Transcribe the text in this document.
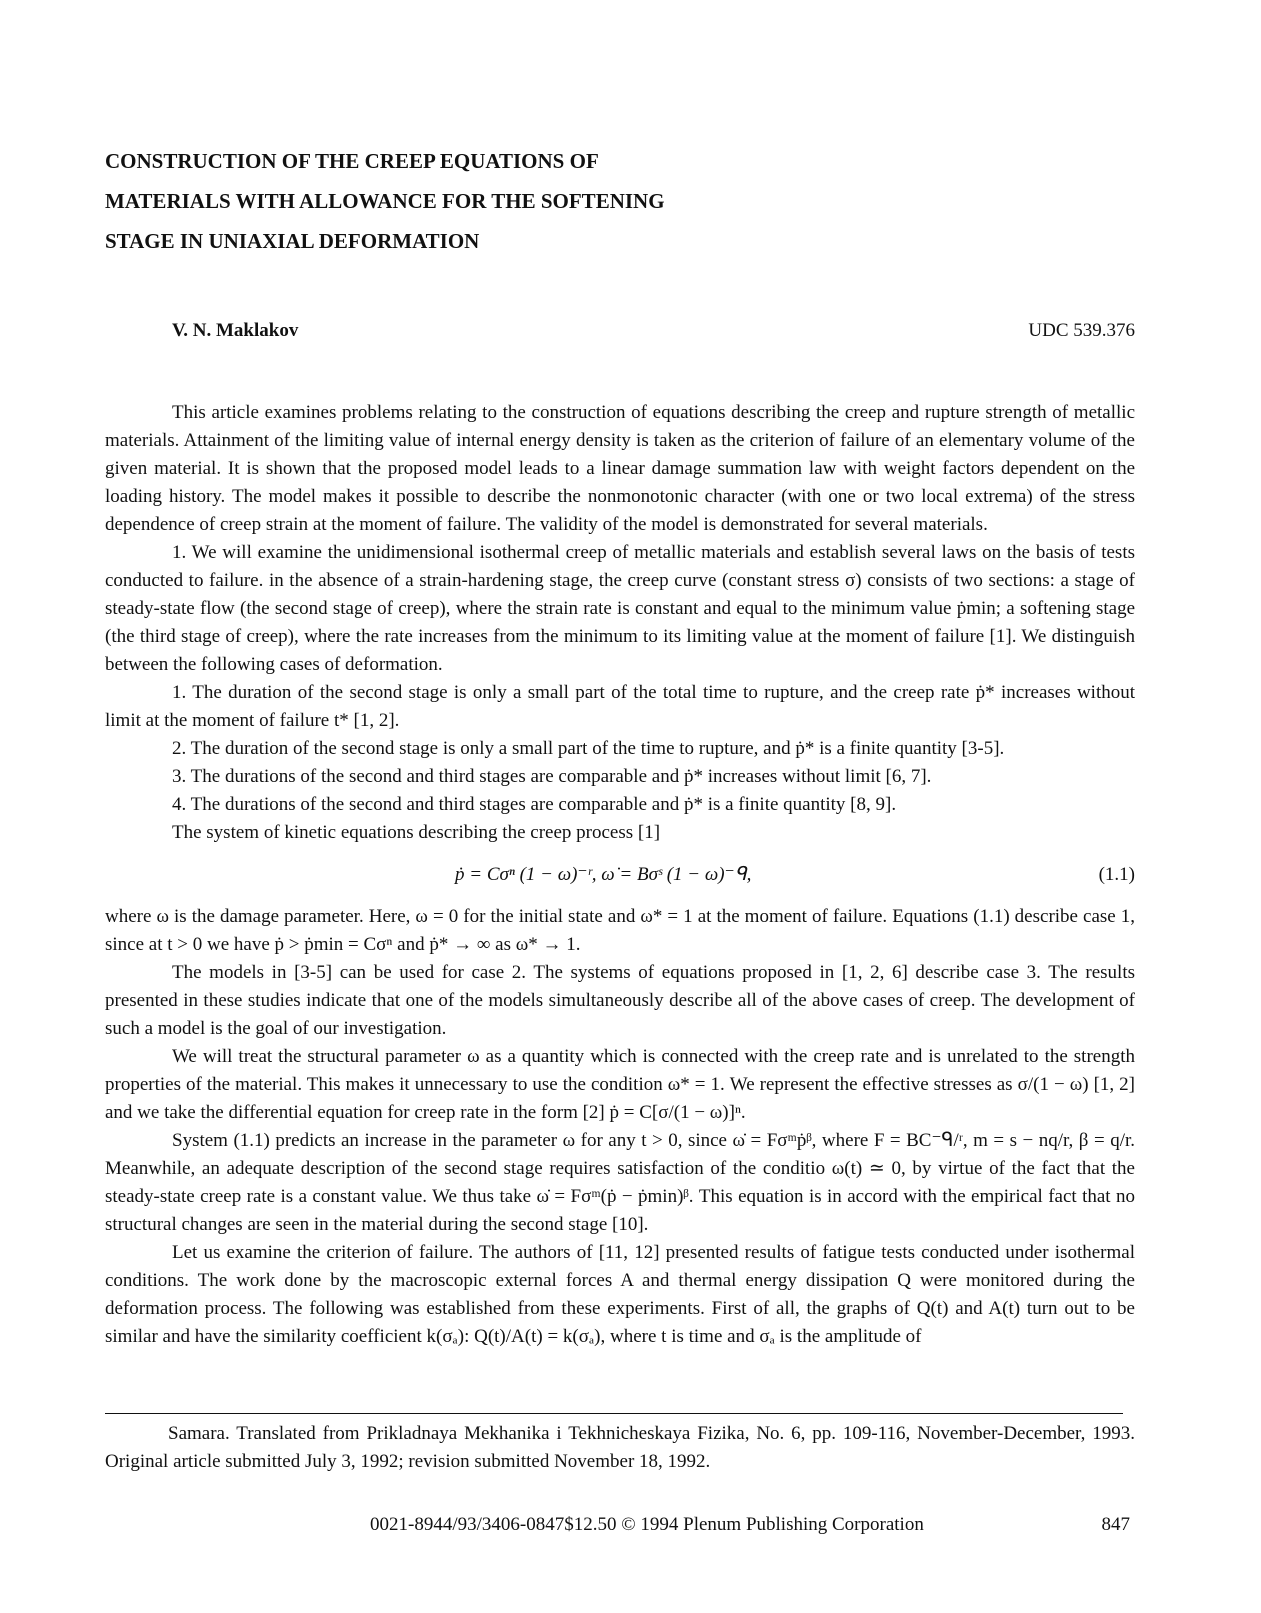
CONSTRUCTION OF THE CREEP EQUATIONS OF
MATERIALS WITH ALLOWANCE FOR THE SOFTENING
STAGE IN UNIAXIAL DEFORMATION
V. N. Maklakov	UDC 539.376

This article examines problems relating to the construction of equations describing the creep and rupture strength of metallic materials. Attainment of the limiting value of internal energy density is taken as the criterion of failure of an elementary volume of the given material. It is shown that the proposed model leads to a linear damage summation law with weight factors dependent on the loading history. The model makes it possible to describe the nonmonotonic character (with one or two local extrema) of the stress dependence of creep strain at the moment of failure. The validity of the model is demonstrated for several materials.

1. We will examine the unidimensional isothermal creep of metallic materials and establish several laws on the basis of tests conducted to failure. in the absence of a strain-hardening stage, the creep curve (constant stress σ) consists of two sections: a stage of steady-state flow (the second stage of creep), where the strain rate is constant and equal to the minimum value ṗmin; a softening stage (the third stage of creep), where the rate increases from the minimum to its limiting value at the moment of failure [1]. We distinguish between the following cases of deformation.

1. The duration of the second stage is only a small part of the total time to rupture, and the creep rate ṗ* increases without limit at the moment of failure t* [1, 2].

2. The duration of the second stage is only a small part of the time to rupture, and ṗ* is a finite quantity [3-5].

3. The durations of the second and third stages are comparable and ṗ* increases without limit [6, 7].

4. The durations of the second and third stages are comparable and ṗ* is a finite quantity [8, 9].

The system of kinetic equations describing the creep process [1]

ṗ = Cσⁿ (1 − ω)⁻ʳ, ω̇ = Bσˢ (1 − ω)⁻ᑫ,	(1.1)

where ω is the damage parameter. Here, ω = 0 for the initial state and ω* = 1 at the moment of failure. Equations (1.1) describe case 1, since at t > 0 we have ṗ > ṗmin = Cσⁿ and ṗ* → ∞ as ω* → 1.

The models in [3-5] can be used for case 2. The systems of equations proposed in [1, 2, 6] describe case 3. The results presented in these studies indicate that one of the models simultaneously describe all of the above cases of creep. The development of such a model is the goal of our investigation.

We will treat the structural parameter ω as a quantity which is connected with the creep rate and is unrelated to the strength properties of the material. This makes it unnecessary to use the condition ω* = 1. We represent the effective stresses as σ/(1 − ω) [1, 2] and we take the differential equation for creep rate in the form [2] ṗ = C[σ/(1 − ω)]ⁿ.

System (1.1) predicts an increase in the parameter ω for any t > 0, since ω̇ = Fσᵐṗᵝ, where F = BC⁻ᑫ/ʳ, m = s − nq/r, β = q/r. Meanwhile, an adequate description of the second stage requires satisfaction of the conditio ω(t) ≃ 0, by virtue of the fact that the steady-state creep rate is a constant value. We thus take ω̇ = Fσᵐ(ṗ − ṗmin)ᵝ. This equation is in accord with the empirical fact that no structural changes are seen in the material during the second stage [10].

Let us examine the criterion of failure. The authors of [11, 12] presented results of fatigue tests conducted under isothermal conditions. The work done by the macroscopic external forces A and thermal energy dissipation Q were monitored during the deformation process. The following was established from these experiments. First of all, the graphs of Q(t) and A(t) turn out to be similar and have the similarity coefficient k(σₐ): Q(t)/A(t) = k(σₐ), where t is time and σₐ is the amplitude of

Samara. Translated from Prikladnaya Mekhanika i Tekhnicheskaya Fizika, No. 6, pp. 109-116, November-December, 1993. Original article submitted July 3, 1992; revision submitted November 18, 1992.

0021-8944/93/3406-0847$12.50 © 1994 Plenum Publishing Corporation	847
